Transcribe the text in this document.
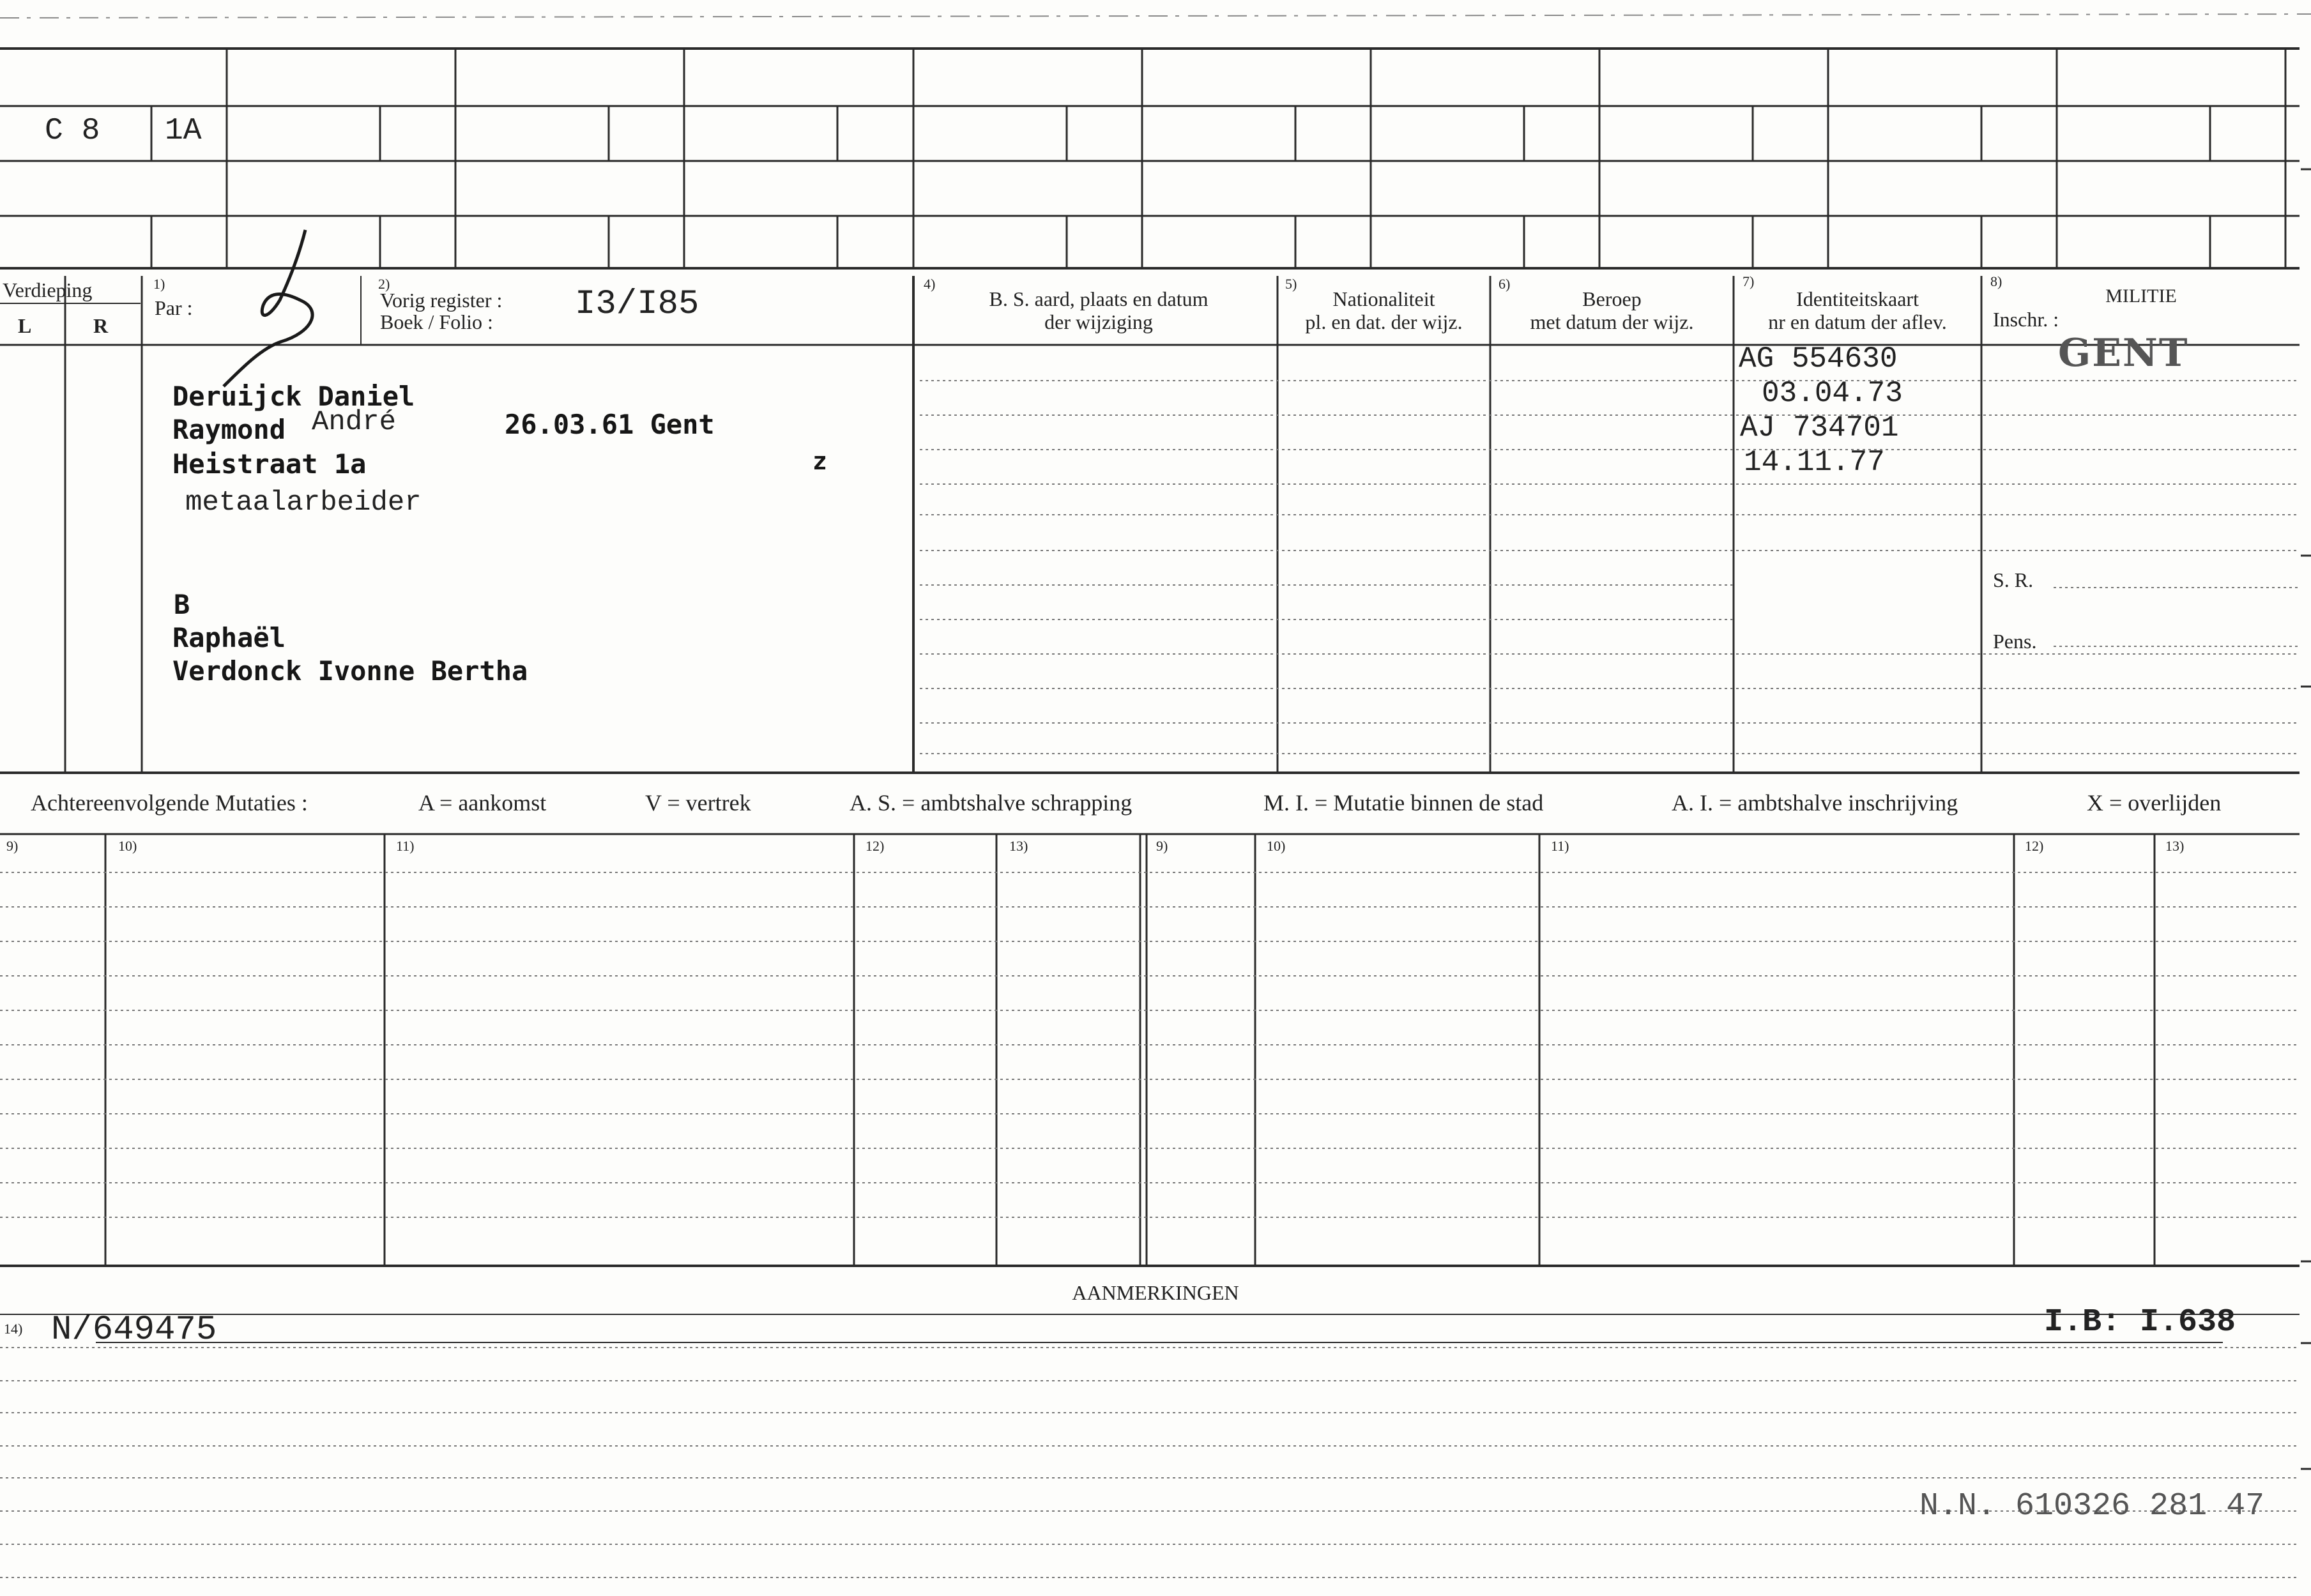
C 8 1A
Verdieping
L	R
1)
Par :
2)
Vorig register :
Boek / Folio : I3/I85
4)
B. S. aard, plaats en datum
der wijziging
5)
Nationaliteit
pl. en dat. der wijz.
6)
Beroep
met datum der wijz.
7)
Identiteitskaart
nr en datum der aflev.
8)
MILITIE
Inschr. :
Deruijck Daniel
Raymond André	26.03.61 Gent
Heistraat 1a	z
metaalarbeider
B
Raphaël
Verdonck Ivonne Bertha
AG 554630
03.04.73
AJ 734701
14.11.77
GENT
S. R.
Pens.
Achtereenvolgende Mutaties :	A = aankomst	V = vertrek	A. S. = ambtshalve schrapping	M. I. = Mutatie binnen de stad	A. I. = ambtshalve inschrijving	X = overlijden
9)	10)	11)	12)	13)	9)	10)	11)	12)	13)
AANMERKINGEN
14) N/649475	I.B: I.638
N.N. 610326 281 47
